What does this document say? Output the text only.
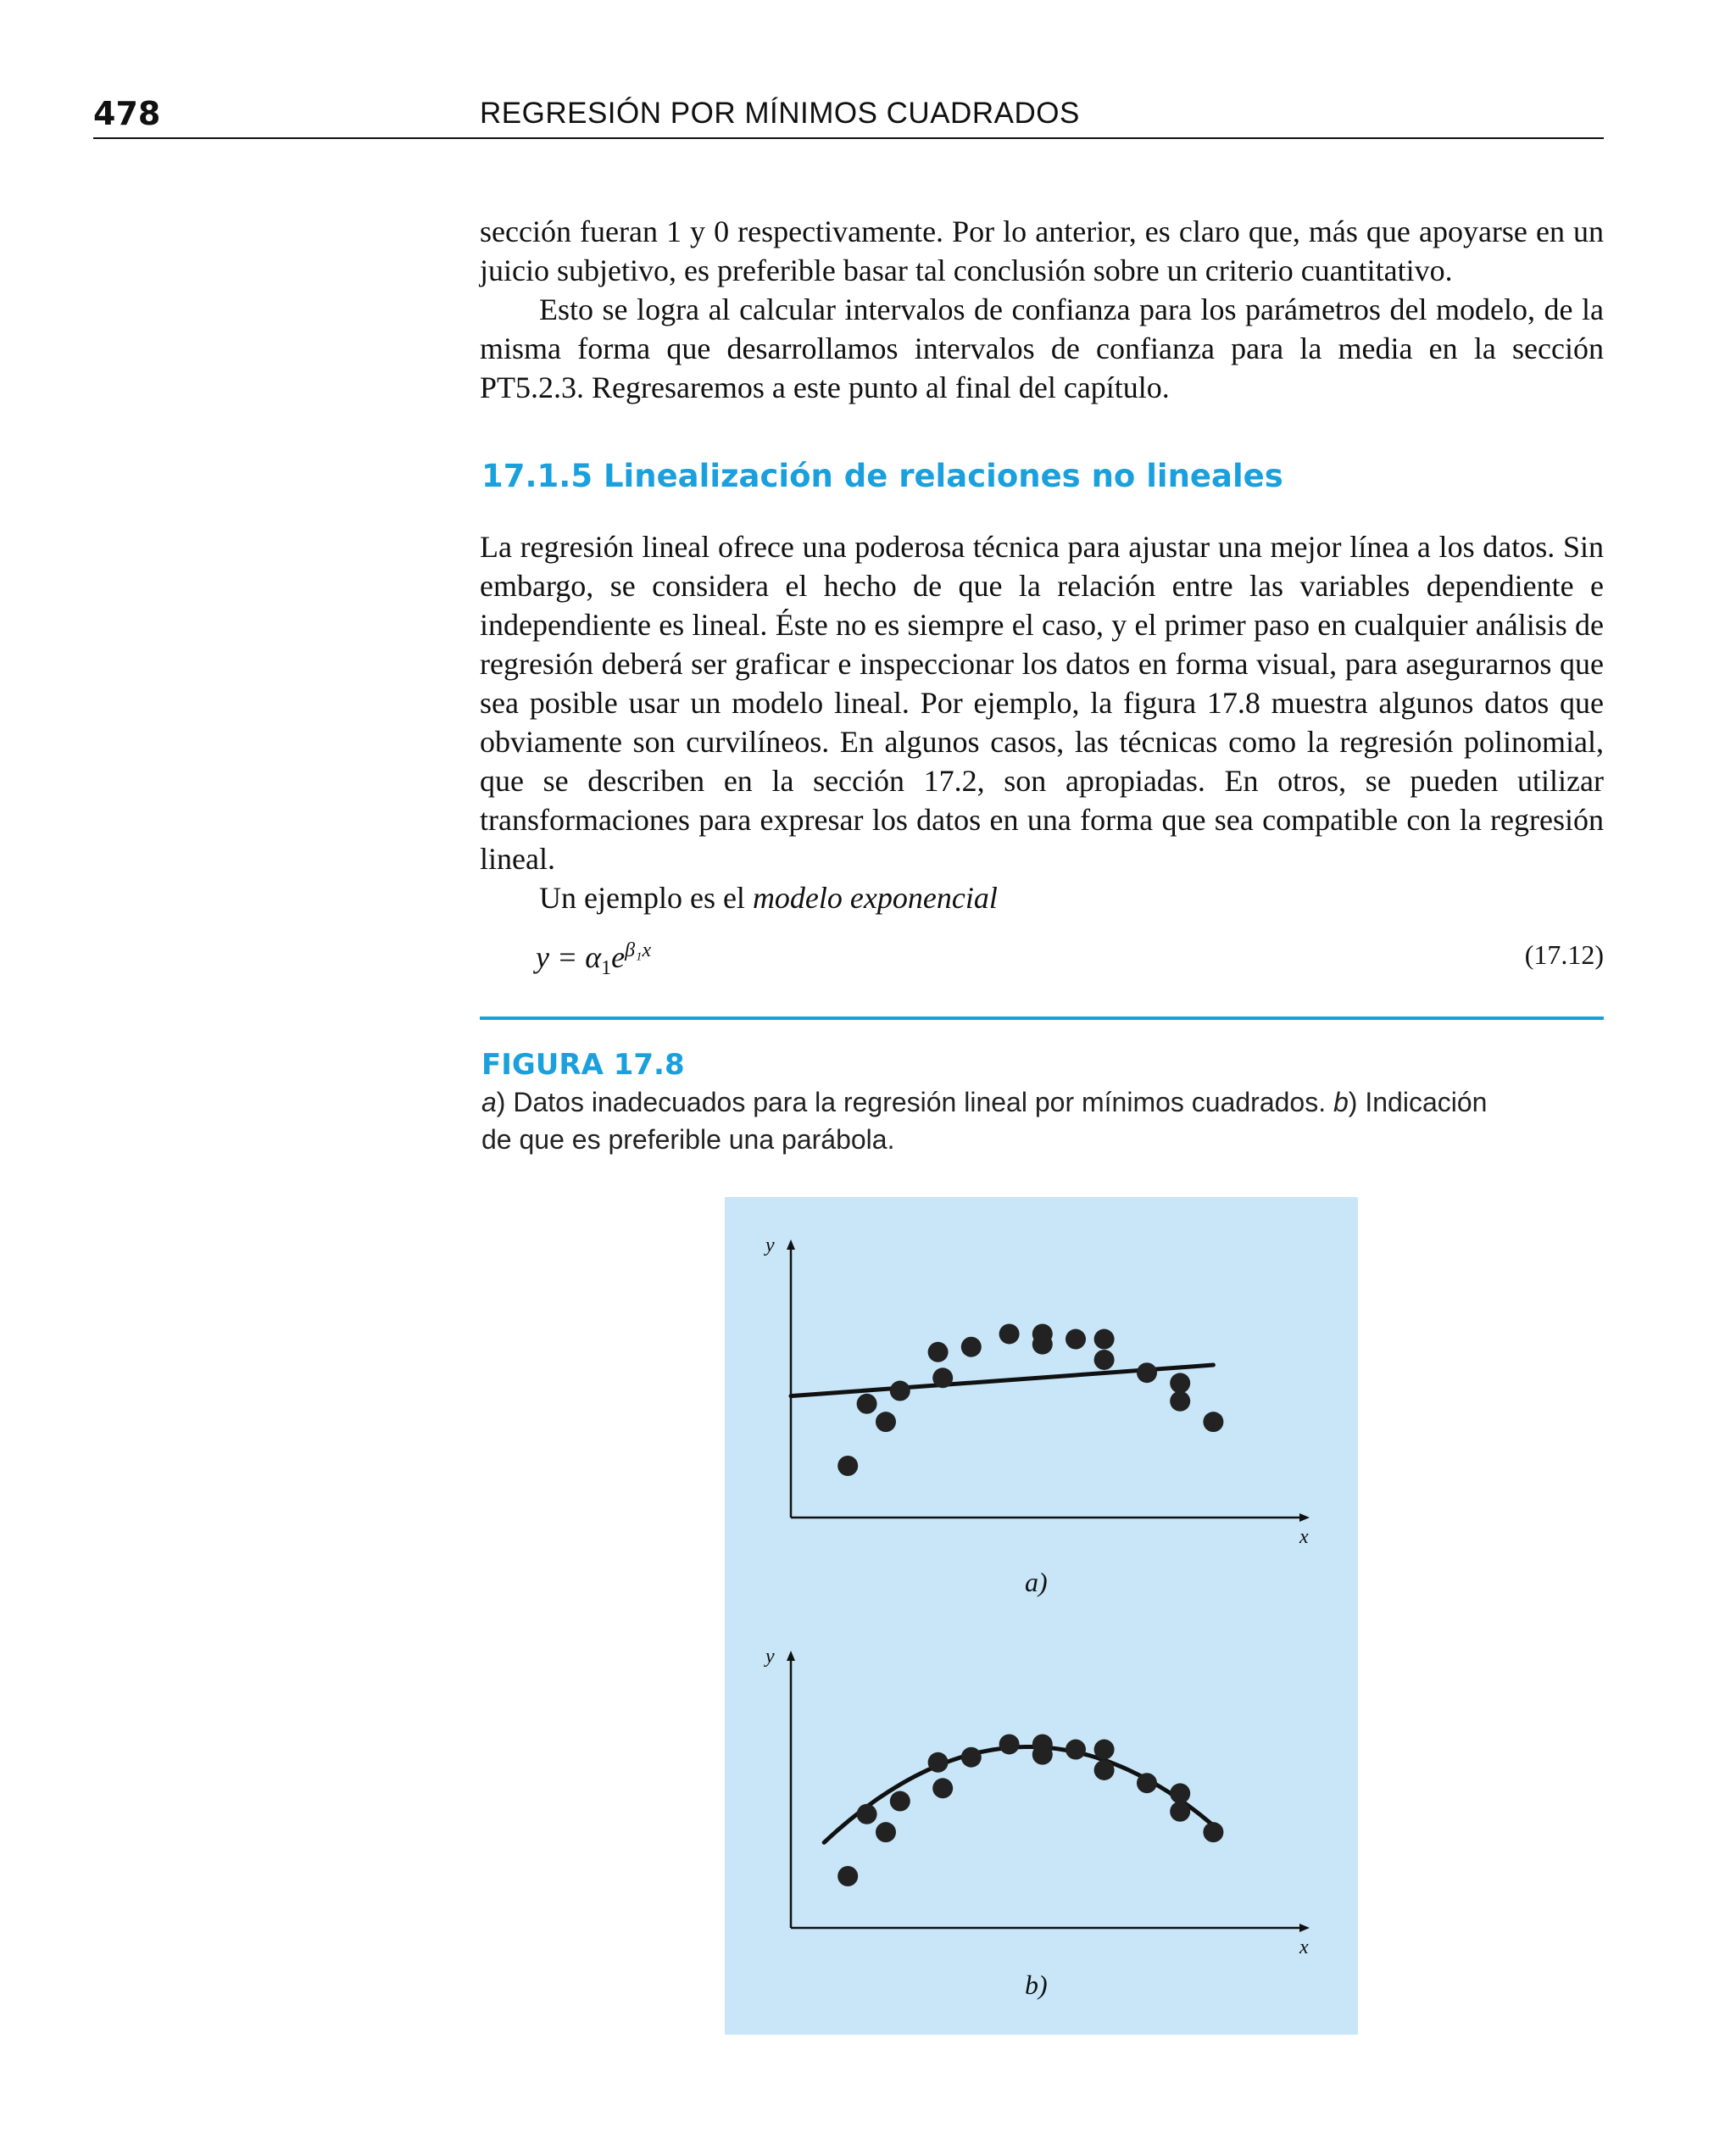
478	REGRESIÓN POR MÍNIMOS CUADRADOS

sección fueran 1 y 0 respectivamente. Por lo anterior, es claro que, más que apoyarse en un juicio subjetivo, es preferible basar tal conclusión sobre un criterio cuantitativo.

Esto se logra al calcular intervalos de confianza para los parámetros del modelo, de la misma forma que desarrollamos intervalos de confianza para la media en la sección PT5.2.3. Regresaremos a este punto al final del capítulo.

17.1.5 Linealización de relaciones no lineales

La regresión lineal ofrece una poderosa técnica para ajustar una mejor línea a los datos. Sin embargo, se considera el hecho de que la relación entre las variables dependiente e independiente es lineal. Éste no es siempre el caso, y el primer paso en cualquier análisis de regresión deberá ser graficar e inspeccionar los datos en forma visual, para asegurarnos que sea posible usar un modelo lineal. Por ejemplo, la figura 17.8 muestra algunos datos que obviamente son curvilíneos. En algunos casos, las técnicas como la regresión polinomial, que se describen en la sección 17.2, son apropiadas. En otros, se pueden utilizar transformaciones para expresar los datos en una forma que sea compatible con la regresión lineal.

Un ejemplo es el modelo exponencial

$y = \alpha_1e^{\beta_1x}$	(17.12)
FIGURA 17.8
a) Datos inadecuados para la regresión lineal por mínimos cuadrados. b) Indicación de que es preferible una parábola.
y
x
a)
y
x
b)
